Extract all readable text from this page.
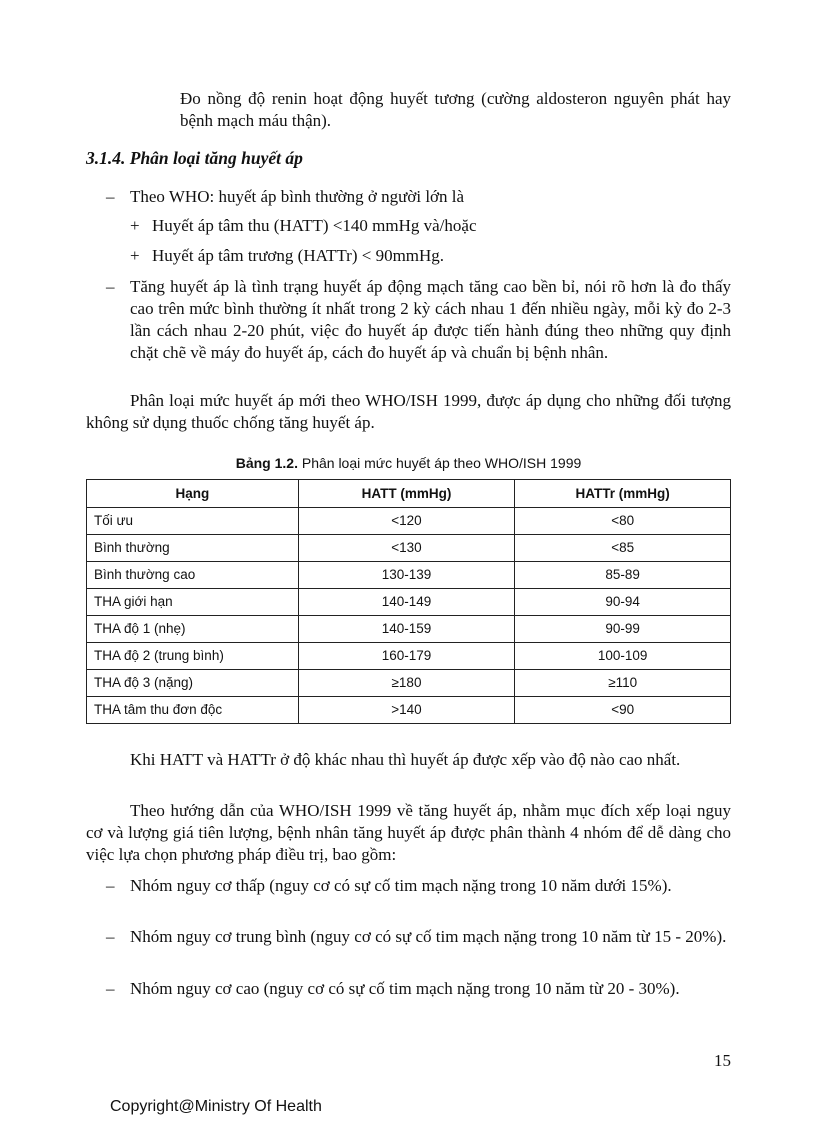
Đo nồng độ renin hoạt động huyết tương (cường aldosteron nguyên phát hay bệnh mạch máu thận).
3.1.4. Phân loại tăng huyết áp
– Theo WHO: huyết áp bình thường ở người lớn là
+ Huyết áp tâm thu (HATT) <140 mmHg và/hoặc
+ Huyết áp tâm trương (HATTr) < 90mmHg.
– Tăng huyết áp là tình trạng huyết áp động mạch tăng cao bền bỉ, nói rõ hơn là đo thấy cao trên mức bình thường ít nhất trong 2 kỳ cách nhau 1 đến nhiều ngày, mỗi kỳ đo 2-3 lần cách nhau 2-20 phút, việc đo huyết áp được tiến hành đúng theo những quy định chặt chẽ về máy đo huyết áp, cách đo huyết áp và chuẩn bị bệnh nhân.
Phân loại mức huyết áp mới theo WHO/ISH 1999, được áp dụng cho những đối tượng không sử dụng thuốc chống tăng huyết áp.
Bảng 1.2. Phân loại mức huyết áp theo WHO/ISH 1999
Hạng	HATT (mmHg)	HATTr (mmHg)
Tối ưu	<120	<80
Bình thường	<130	<85
Bình thường cao	130-139	85-89
THA giới hạn	140-149	90-94
THA độ 1 (nhẹ)	140-159	90-99
THA độ 2 (trung bình)	160-179	100-109
THA độ 3 (nặng)	≥180	≥110
THA tâm thu đơn độc	>140	<90
Khi HATT và HATTr ở độ khác nhau thì huyết áp được xếp vào độ nào cao nhất.
Theo hướng dẫn của WHO/ISH 1999 về tăng huyết áp, nhằm mục đích xếp loại nguy cơ và lượng giá tiên lượng, bệnh nhân tăng huyết áp được phân thành 4 nhóm để dễ dàng cho việc lựa chọn phương pháp điều trị, bao gồm:
– Nhóm nguy cơ thấp (nguy cơ có sự cố tim mạch nặng trong 10 năm dưới 15%).
– Nhóm nguy cơ trung bình (nguy cơ có sự cố tim mạch nặng trong 10 năm từ 15 - 20%).
– Nhóm nguy cơ cao (nguy cơ có sự cố tim mạch nặng trong 10 năm từ 20 - 30%).
15
Copyright@Ministry Of Health
